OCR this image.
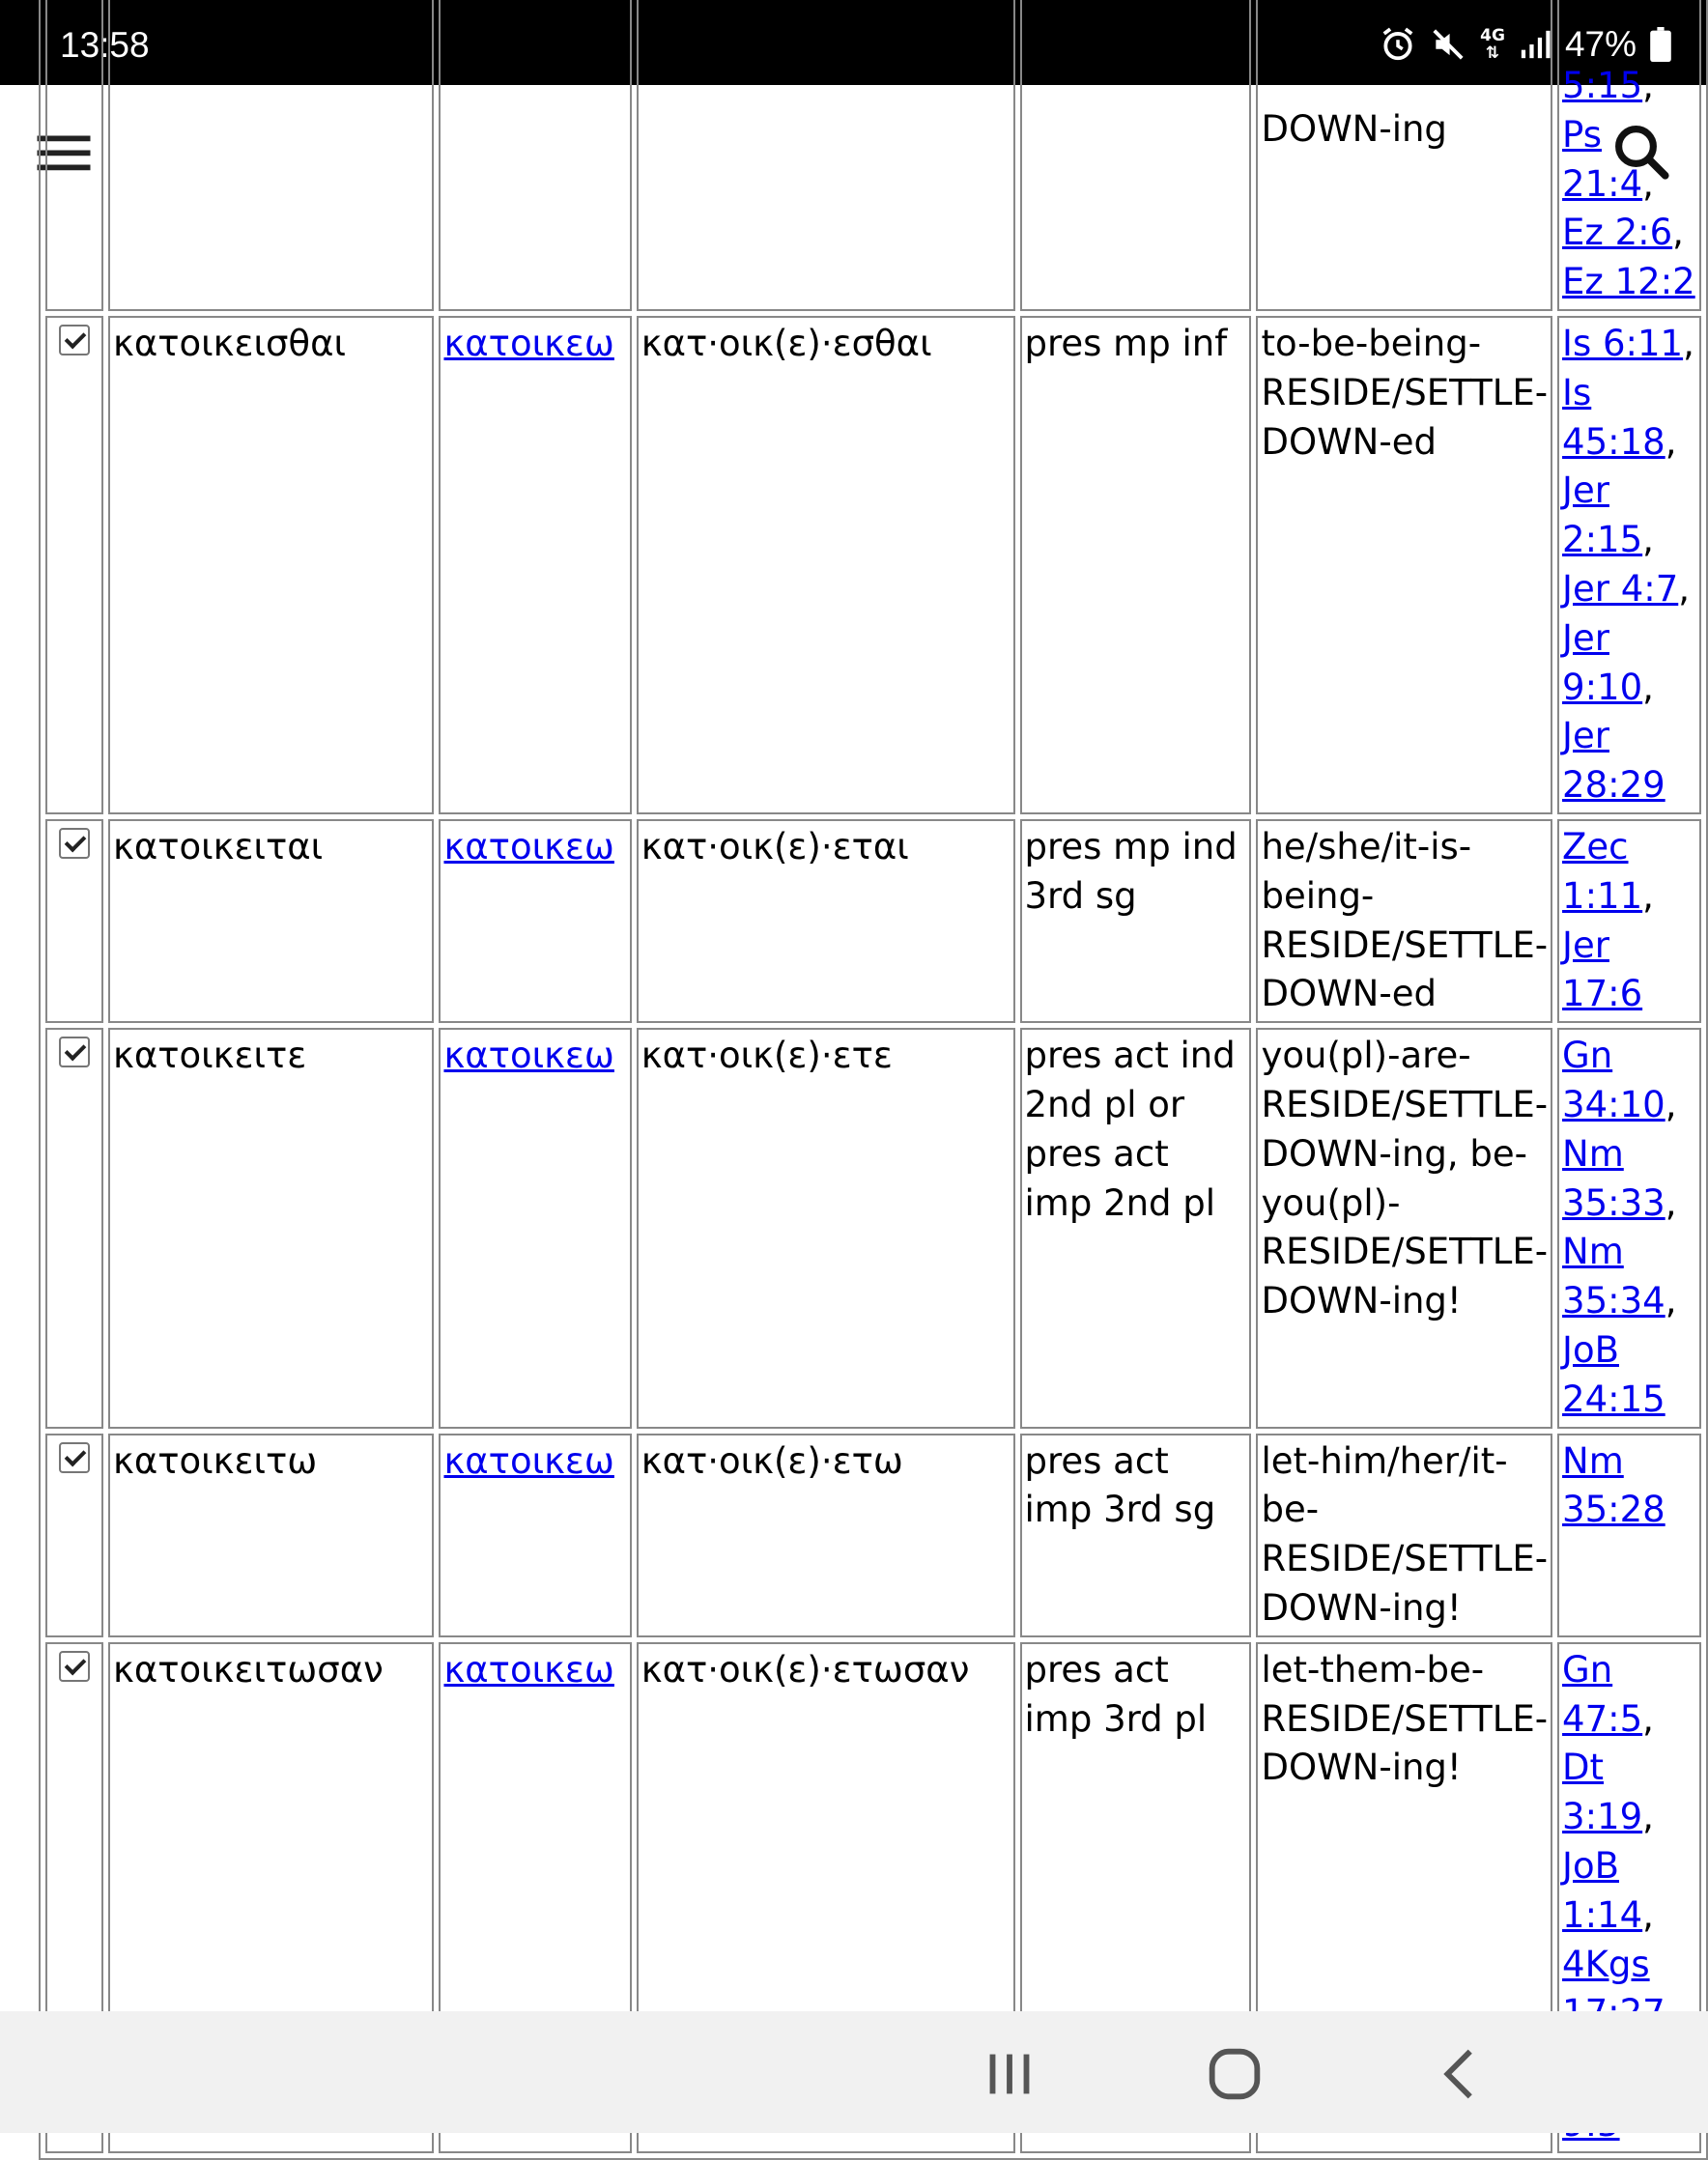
13:58	4G
⇅ 47%
					DOWN-ing	5:15, Ps 21:4, Ez 2:6, Ez 12:2
	κατοικεισθαι	κατοικεω	κατ·οικ(ε)·εσθαι	pres mp inf	to-be-being-RESIDE/SETTLE-DOWN-ed	Is 6:11, Is 45:18, Jer 2:15, Jer 4:7, Jer 9:10, Jer 28:29
	κατοικειται	κατοικεω	κατ·οικ(ε)·εται	pres mp ind 3rd sg	he/she/it-is-being-RESIDE/SETTLE-DOWN-ed	Zec 1:11, Jer 17:6
	κατοικειτε	κατοικεω	κατ·οικ(ε)·ετε	pres act ind 2nd pl or pres act imp 2nd pl	you(pl)-are-RESIDE/SETTLE-DOWN-ing, be-you(pl)-RESIDE/SETTLE-DOWN-ing!	Gn 34:10, Nm 35:33, Nm 35:34, JoB 24:15
	κατοικειτω	κατοικεω	κατ·οικ(ε)·ετω	pres act imp 3rd sg	let-him/her/it-be-RESIDE/SETTLE-DOWN-ing!	Nm 35:28
	κατοικειτωσαν	κατοικεω	κατ·οικ(ε)·ετωσαν	pres act imp 3rd pl	let-them-be-RESIDE/SETTLE-DOWN-ing!	Gn 47:5, Dt 3:19, JoB 1:14, 4Kgs
